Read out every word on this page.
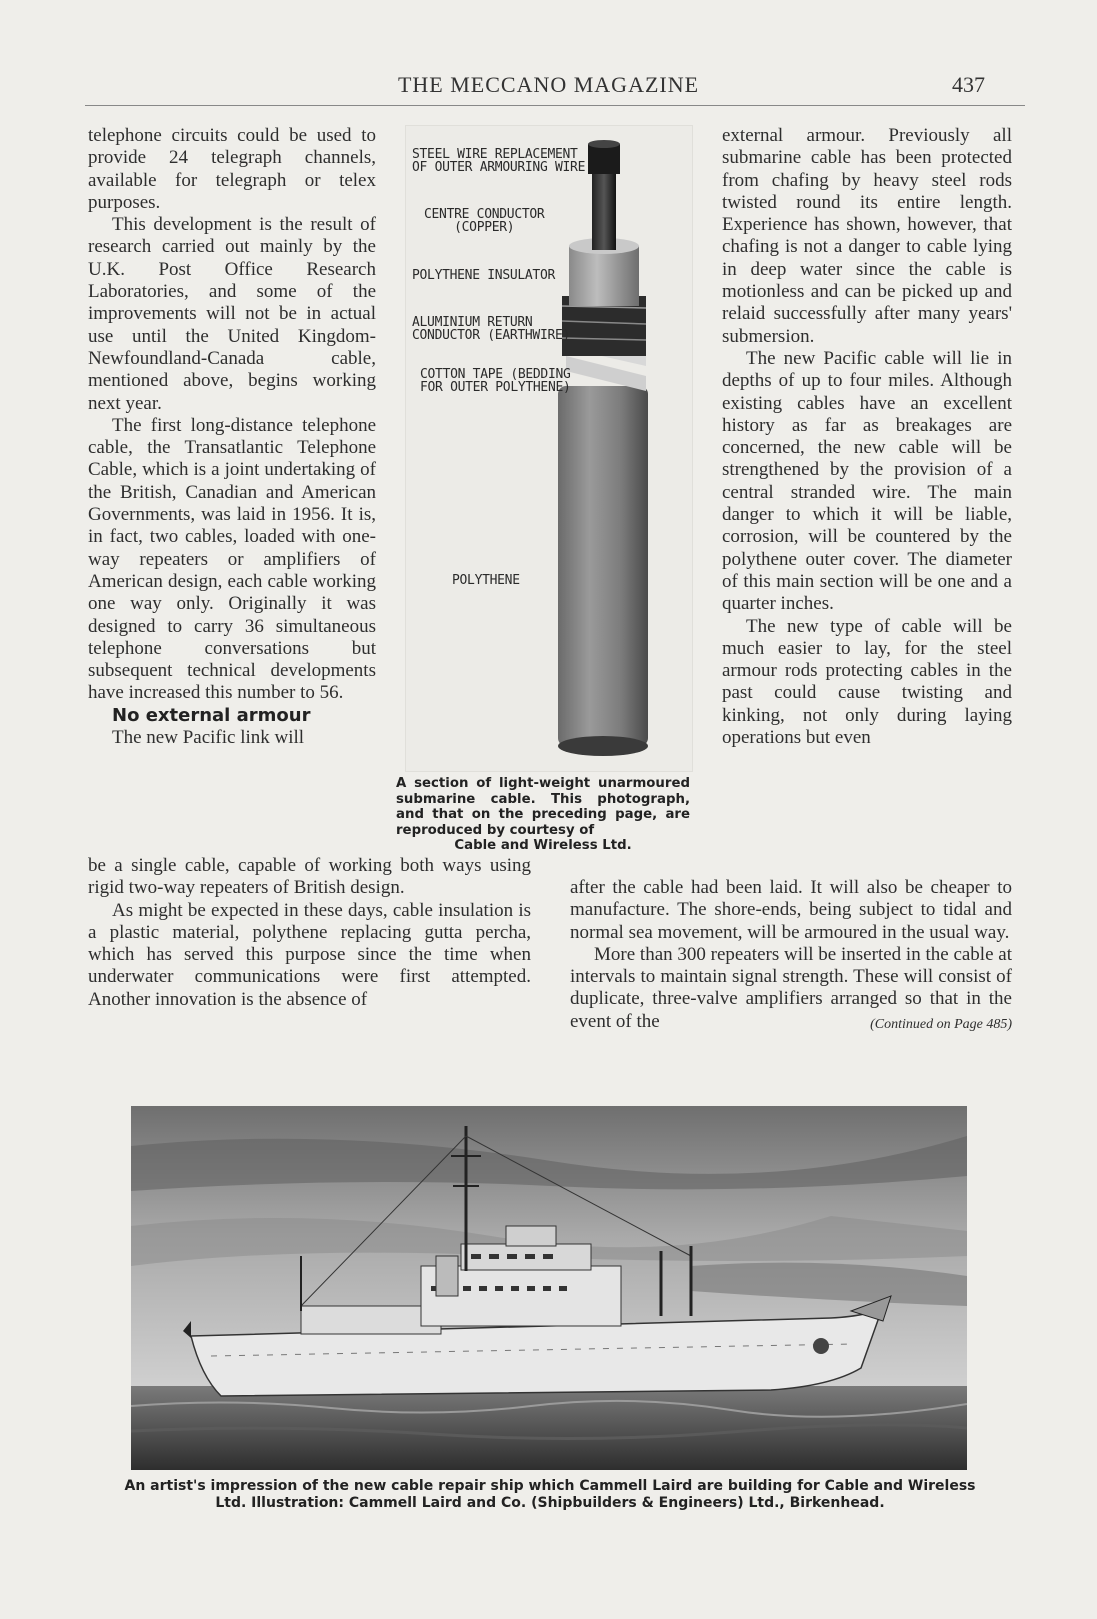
THE MECCANO MAGAZINE	437

telephone circuits could be used to provide 24 telegraph channels, available for telegraph or telex purposes.

This development is the result of research carried out mainly by the U.K. Post Office Research Laboratories, and some of the improvements will not be in actual use until the United Kingdom-Newfoundland-Canada cable, mentioned above, begins working next year.

The first long-distance telephone cable, the Transatlantic Telephone Cable, which is a joint undertaking of the British, Canadian and American Governments, was laid in 1956. It is, in fact, two cables, loaded with one-way repeaters or amplifiers of American design, each cable working one way only. Originally it was designed to carry 36 simultaneous telephone conversations but subsequent technical developments have increased this number to 56.

No external armour

The new Pacific link will

STEEL WIRE REPLACEMENT
OF OUTER ARMOURING WIRE
CENTRE CONDUCTOR
(COPPER)
POLYTHENE INSULATOR
ALUMINIUM RETURN
CONDUCTOR (EARTHWIRE)
COTTON TAPE (BEDDING
FOR OUTER POLYTHENE)
POLYTHENE
A section of light-weight unarmoured submarine cable. This photograph, and that on the preceding page, are reproduced by courtesy of
Cable and Wireless Ltd.

external armour. Previously all submarine cable has been protected from chafing by heavy steel rods twisted round its entire length. Experience has shown, however, that chafing is not a danger to cable lying in deep water since the cable is motionless and can be picked up and relaid successfully after many years' submersion.

The new Pacific cable will lie in depths of up to four miles. Although existing cables have an excellent history as far as breakages are concerned, the new cable will be strengthened by the provision of a central stranded wire. The main danger to which it will be liable, corrosion, will be countered by the polythene outer cover. The diameter of this main section will be one and a quarter inches.

The new type of cable will be much easier to lay, for the steel armour rods protecting cables in the past could cause twisting and kinking, not only during laying operations but even

be a single cable, capable of working both ways using rigid two-way repeaters of British design.

As might be expected in these days, cable insulation is a plastic material, polythene replacing gutta percha, which has served this purpose since the time when underwater communications were first attempted. Another innovation is the absence of

after the cable had been laid. It will also be cheaper to manufacture. The shore-ends, being subject to tidal and normal sea movement, will be armoured in the usual way.

More than 300 repeaters will be inserted in the cable at intervals to maintain signal strength. These will consist of duplicate, three-valve amplifiers arranged so that in the event of the	(Continued on Page 485)

An artist's impression of the new cable repair ship which Cammell Laird are building for Cable and Wireless Ltd. Illustration: Cammell Laird and Co. (Shipbuilders & Engineers) Ltd., Birkenhead.
